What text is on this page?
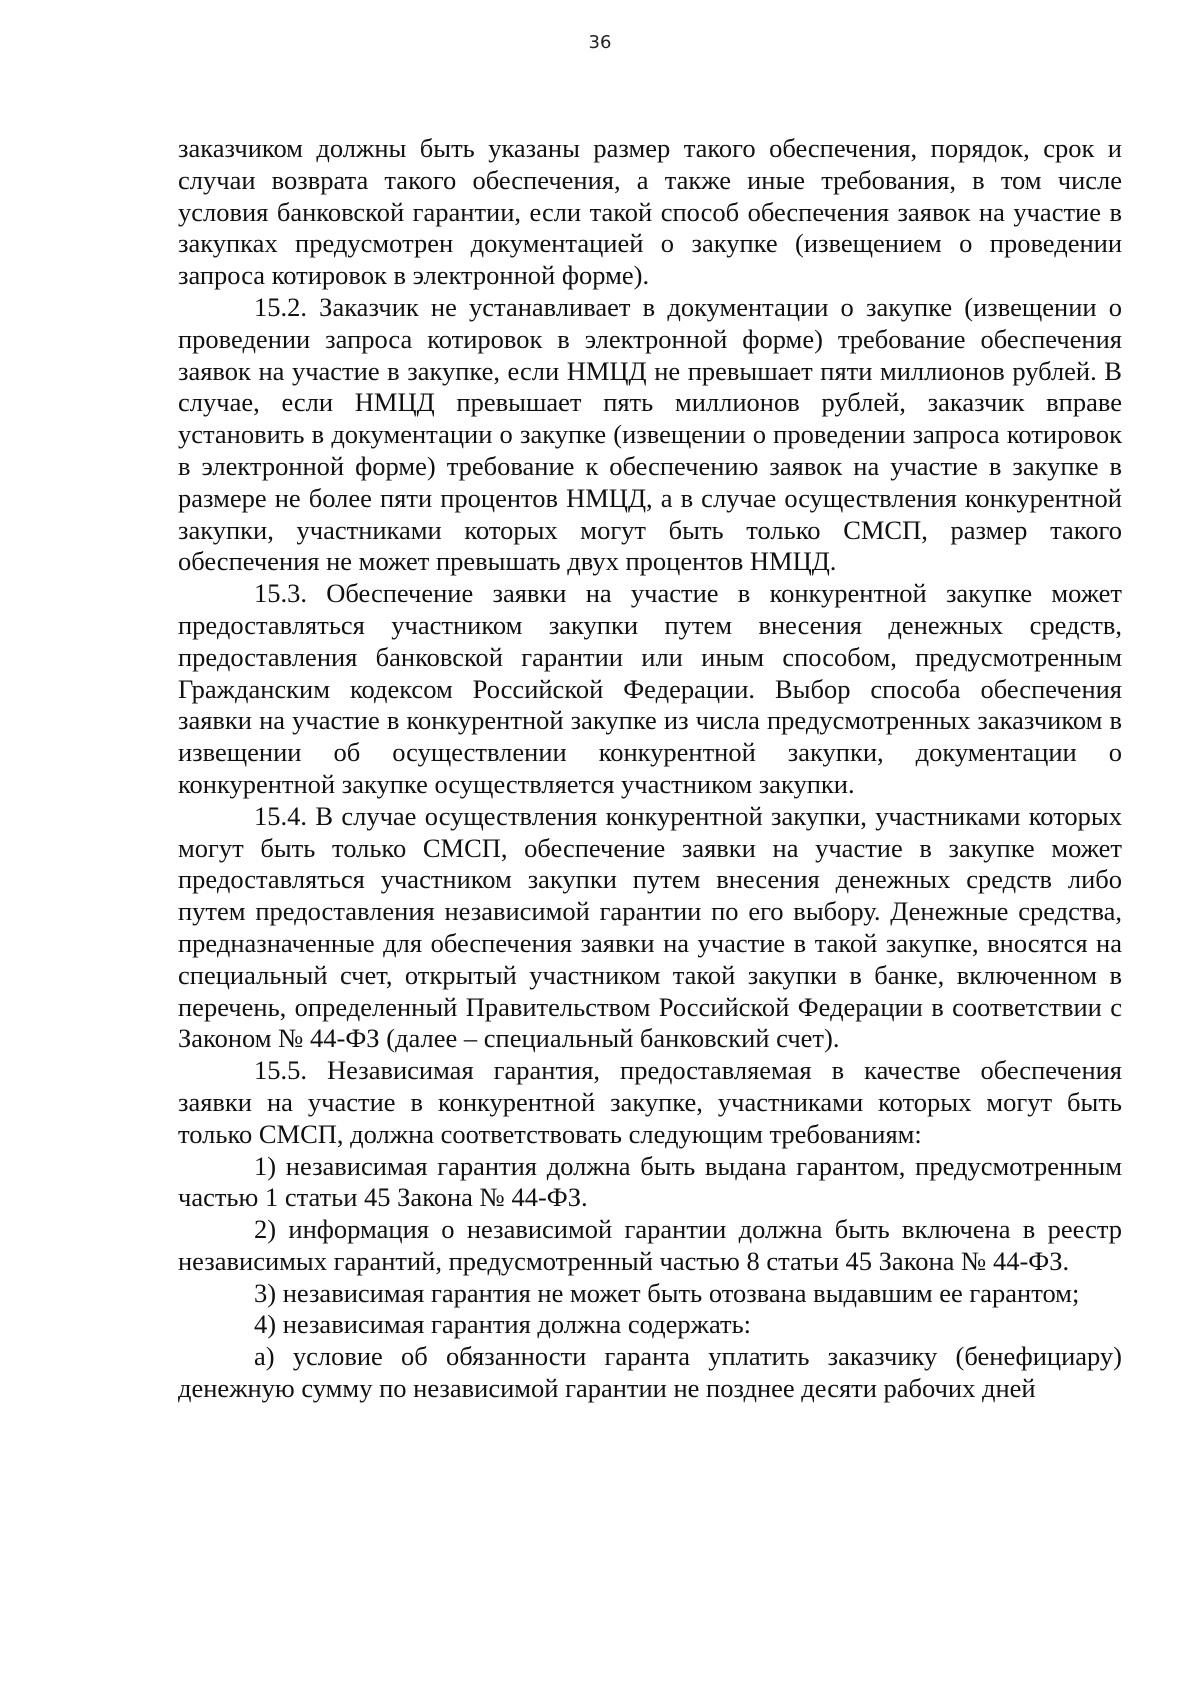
36

заказчиком должны быть указаны размер такого обеспечения, порядок, срок и случаи возврата такого обеспечения, а также иные требования, в том числе условия банковской гарантии, если такой способ обеспечения заявок на участие в закупках предусмотрен документацией о закупке (извещением о проведении запроса котировок в электронной форме).

15.2. Заказчик не устанавливает в документации о закупке (извещении о проведении запроса котировок в электронной форме) требование обеспечения заявок на участие в закупке, если НМЦД не превышает пяти миллионов рублей. В случае, если НМЦД превышает пять миллионов рублей, заказчик вправе установить в документации о закупке (извещении о проведении запроса котировок в электронной форме) требование к обеспечению заявок на участие в закупке в размере не более пяти процентов НМЦД, а в случае осуществления конкурентной закупки, участниками которых могут быть только СМСП, размер такого обеспечения не может превышать двух процентов НМЦД.

15.3. Обеспечение заявки на участие в конкурентной закупке может предоставляться участником закупки путем внесения денежных средств, предоставления банковской гарантии или иным способом, предусмотренным Гражданским кодексом Российской Федерации. Выбор способа обеспечения заявки на участие в конкурентной закупке из числа предусмотренных заказчиком в извещении об осуществлении конкурентной закупки, документации о конкурентной закупке осуществляется участником закупки.

15.4. В случае осуществления конкурентной закупки, участниками которых могут быть только СМСП, обеспечение заявки на участие в закупке может предоставляться участником закупки путем внесения денежных средств либо путем предоставления независимой гарантии по его выбору. Денежные средства, предназначенные для обеспечения заявки на участие в такой закупке, вносятся на специальный счет, открытый участником такой закупки в банке, включенном в перечень, определенный Правительством Российской Федерации в соответствии с Законом № 44-ФЗ (далее – специальный банковский счет).

15.5. Независимая гарантия, предоставляемая в качестве обеспечения заявки на участие в конкурентной закупке, участниками которых могут быть только СМСП, должна соответствовать следующим требованиям:

1) независимая гарантия должна быть выдана гарантом, предусмотренным частью 1 статьи 45 Закона № 44-ФЗ.

2) информация о независимой гарантии должна быть включена в реестр независимых гарантий, предусмотренный частью 8 статьи 45 Закона № 44-ФЗ.

3) независимая гарантия не может быть отозвана выдавшим ее гарантом;

4) независимая гарантия должна содержать:

а) условие об обязанности гаранта уплатить заказчику (бенефициару) денежную сумму по независимой гарантии не позднее десяти рабочих дней
